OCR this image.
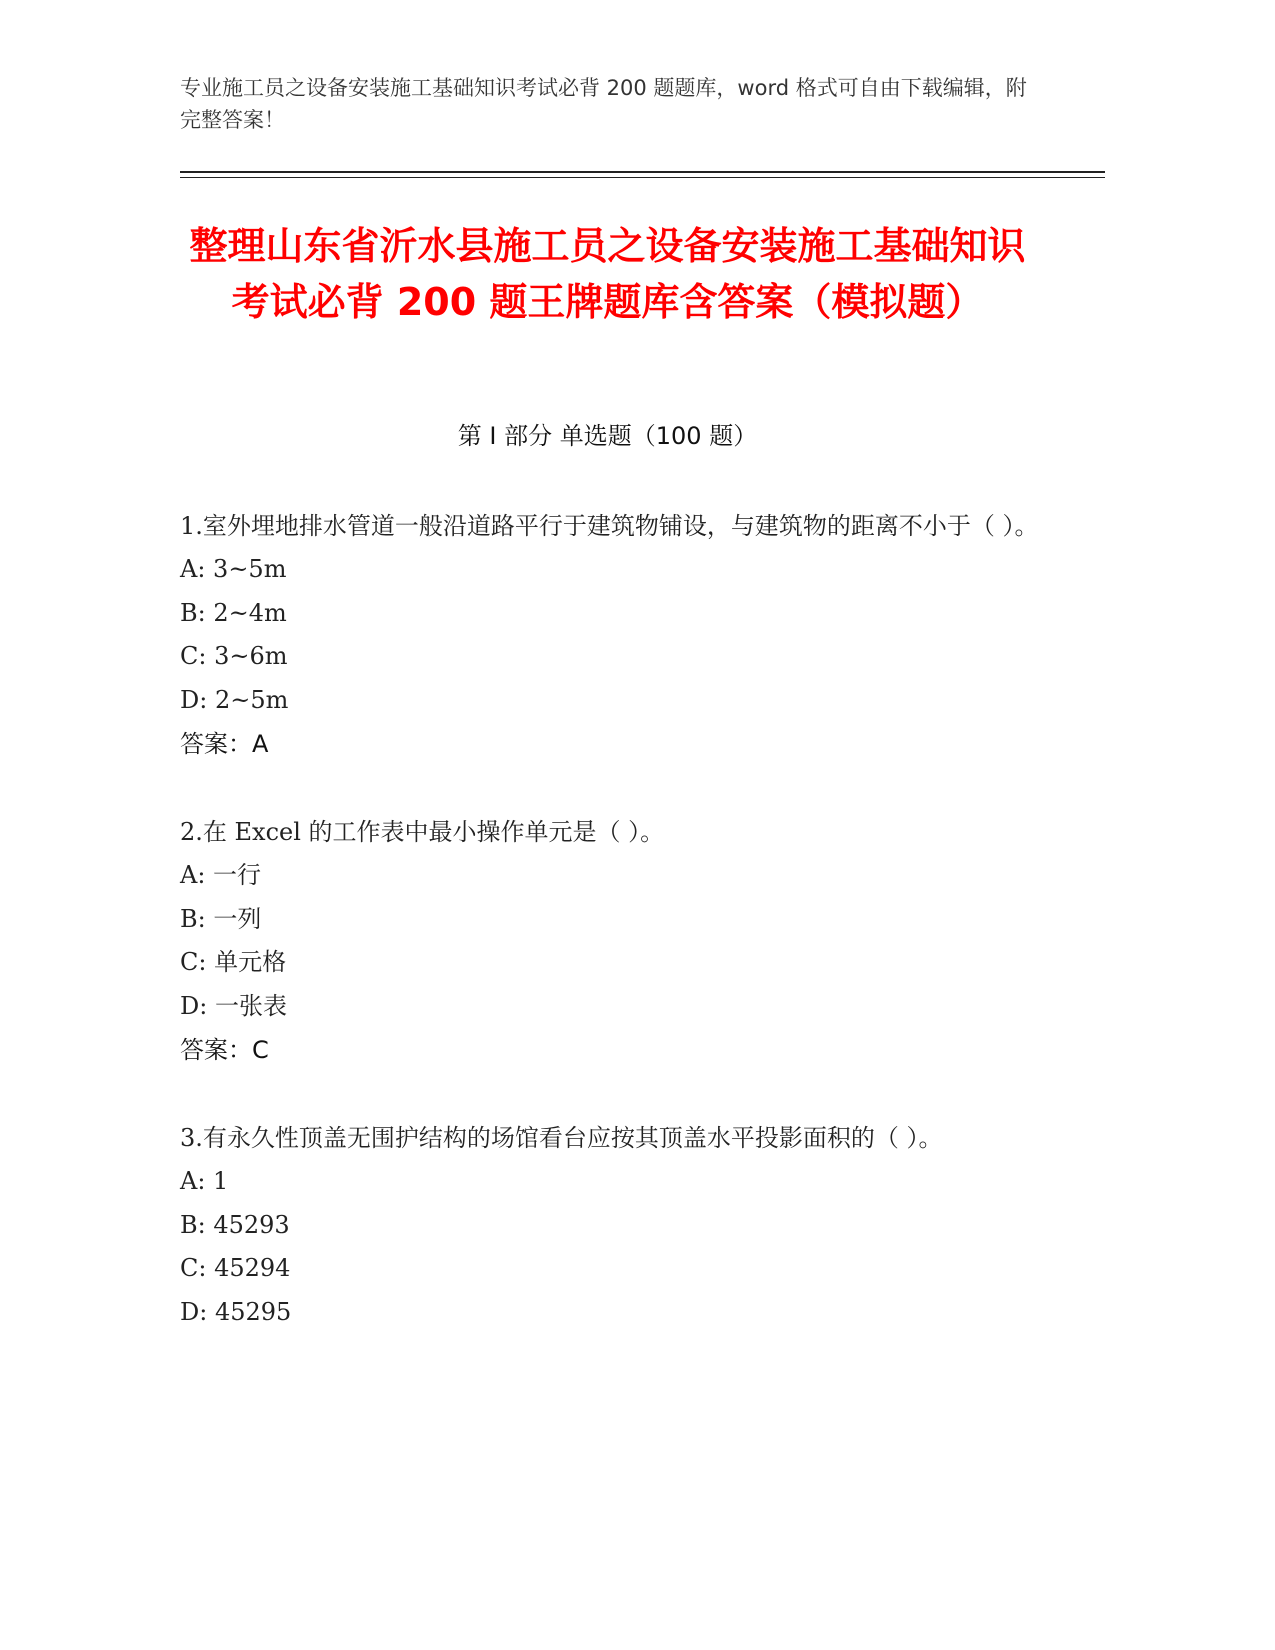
专业施工员之设备安装施工基础知识考试必背 200 题题库，word 格式可自由下载编辑，附完整答案！
整理山东省沂水县施工员之设备安装施工基础知识考试必背 200 题王牌题库含答案（模拟题）
第 I 部分 单选题（100 题）

1.室外埋地排水管道一般沿道路平行于建筑物铺设，与建筑物的距离不小于（ ）。

A: 3~5m

B: 2~4m

C: 3~6m

D: 2~5m

答案：A

2.在 Excel 的工作表中最小操作单元是（ ）。

A: 一行

B: 一列

C: 单元格

D: 一张表

答案：C

3.有永久性顶盖无围护结构的场馆看台应按其顶盖水平投影面积的（ ）。

A: 1

B: 45293

C: 45294

D: 45295
